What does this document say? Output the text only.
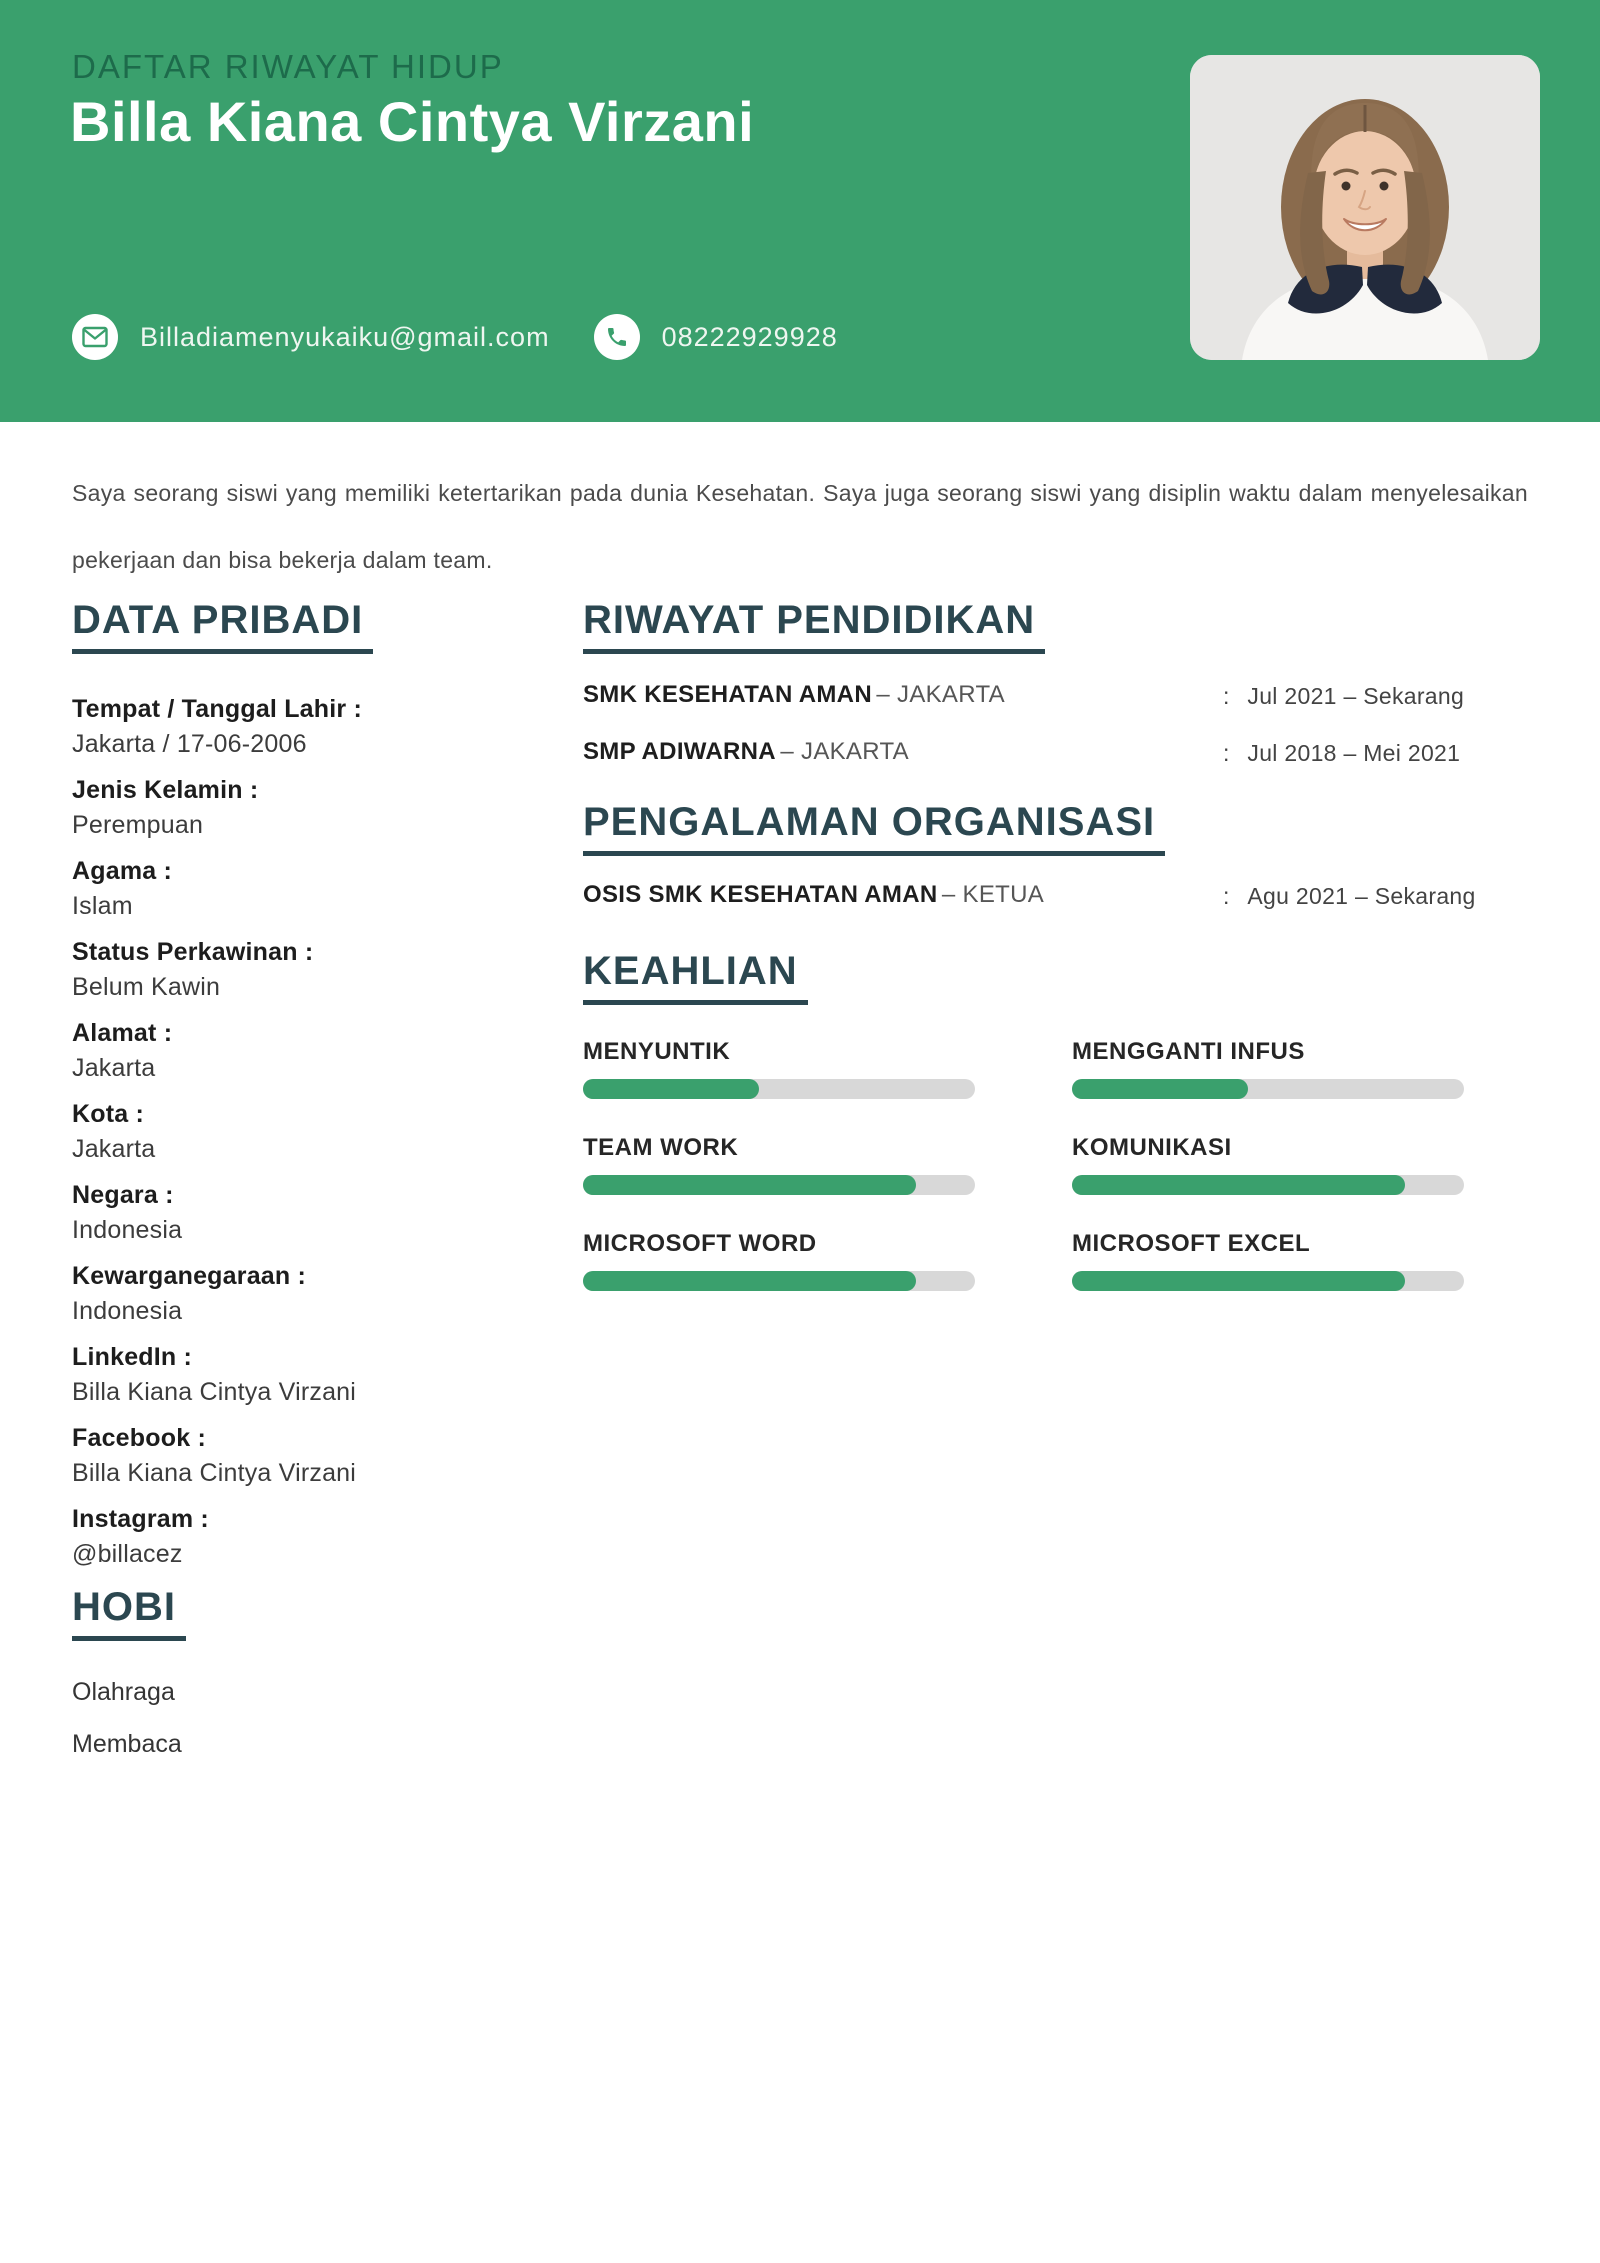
DAFTAR RIWAYAT HIDUP
Billa Kiana Cintya Virzani
Billadiamenyukaiku@gmail.com	08222929928

Saya seorang siswi yang memiliki ketertarikan pada dunia Kesehatan. Saya juga seorang siswi yang disiplin waktu dalam menyelesaikan pekerjaan dan bisa bekerja dalam team.

DATA PRIBADI
Tempat / Tanggal Lahir :
Jakarta / 17-06-2006
Jenis Kelamin :
Perempuan
Agama :
Islam
Status Perkawinan :
Belum Kawin
Alamat :
Jakarta
Kota :
Jakarta
Negara :
Indonesia
Kewarganegaraan :
Indonesia
LinkedIn :
Billa Kiana Cintya Virzani
Facebook :
Billa Kiana Cintya Virzani
Instagram :
@billacez
HOBI
Olahraga
Membaca
RIWAYAT PENDIDIKAN
SMK KESEHATAN AMAN – JAKARTA	: Jul 2021 – Sekarang
SMP ADIWARNA – JAKARTA	: Jul 2018 – Mei 2021
PENGALAMAN ORGANISASI
OSIS SMK KESEHATAN AMAN – KETUA	: Agu 2021 – Sekarang
KEAHLIAN
MENYUNTIK	MENGGANTI INFUS
TEAM WORK	KOMUNIKASI
MICROSOFT WORD	MICROSOFT EXCEL
